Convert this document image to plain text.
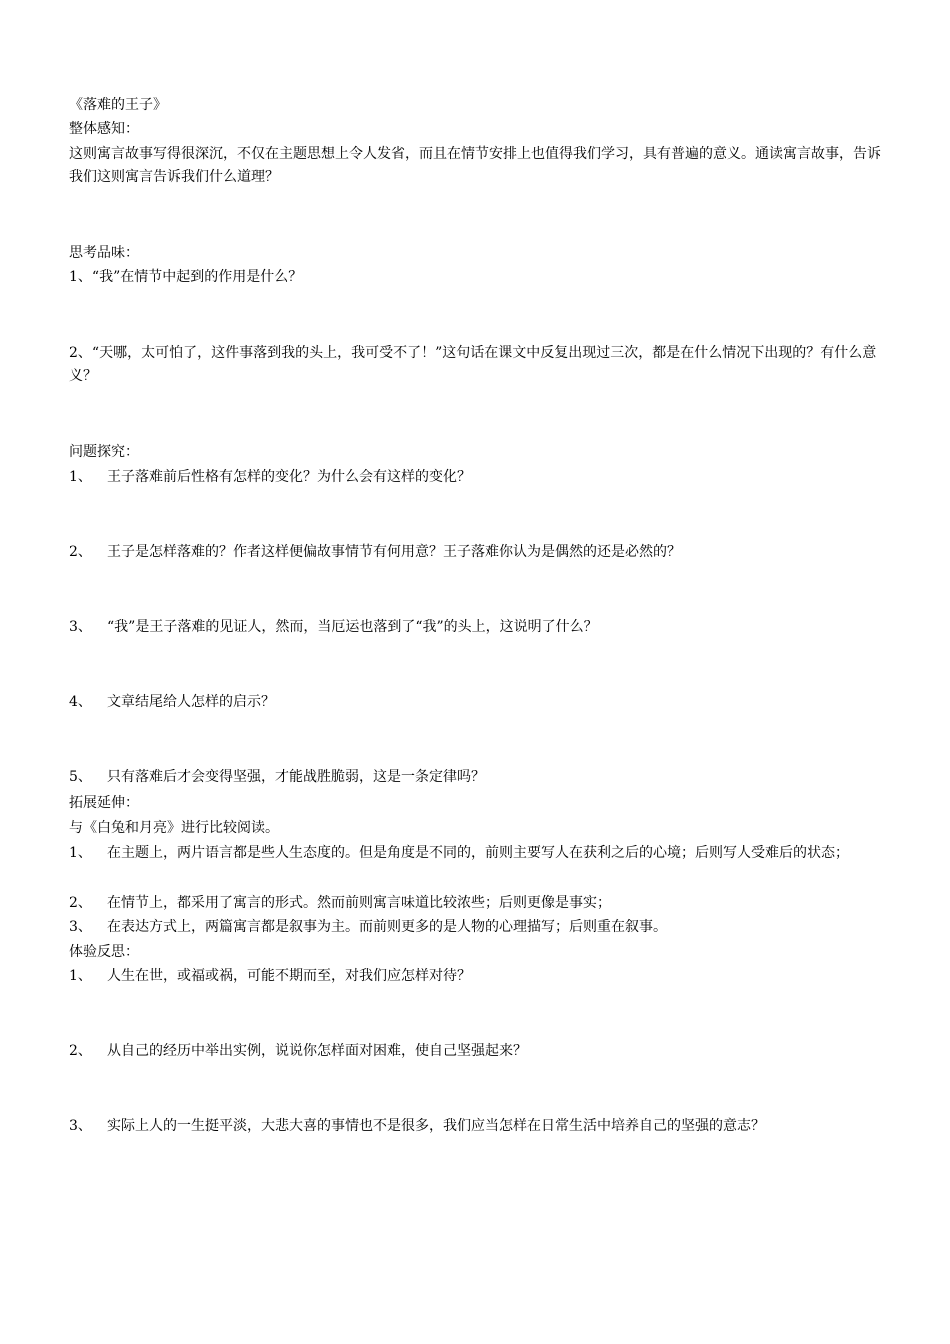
《落难的王子》
整体感知：
这则寓言故事写得很深沉，不仅在主题思想上令人发省，而且在情节安排上也值得我们学习，具有普遍的意义。通读寓言故事，告诉我们这则寓言告诉我们什么道理？
思考品味：
1、“我”在情节中起到的作用是什么？
2、“天哪，太可怕了，这件事落到我的头上，我可受不了！”这句话在课文中反复出现过三次，都是在什么情况下出现的？有什么意义？
问题探究：
1、 王子落难前后性格有怎样的变化？为什么会有这样的变化？
2、 王子是怎样落难的？作者这样便偏故事情节有何用意？王子落难你认为是偶然的还是必然的？
3、 “我”是王子落难的见证人，然而，当厄运也落到了“我”的头上，这说明了什么？
4、 文章结尾给人怎样的启示？
5、 只有落难后才会变得坚强，才能战胜脆弱，这是一条定律吗？
拓展延伸：
与《白兔和月亮》进行比较阅读。
1、 在主题上，两片语言都是些人生态度的。但是角度是不同的，前则主要写人在获利之后的心境；后则写人受难后的状态；
2、 在情节上，都采用了寓言的形式。然而前则寓言味道比较浓些；后则更像是事实；
3、 在表达方式上，两篇寓言都是叙事为主。而前则更多的是人物的心理描写；后则重在叙事。
体验反思：
1、 人生在世，或福或祸，可能不期而至，对我们应怎样对待？
2、 从自己的经历中举出实例，说说你怎样面对困难，使自己坚强起来？
3、 实际上人的一生挺平淡，大悲大喜的事情也不是很多，我们应当怎样在日常生活中培养自己的坚强的意志？
